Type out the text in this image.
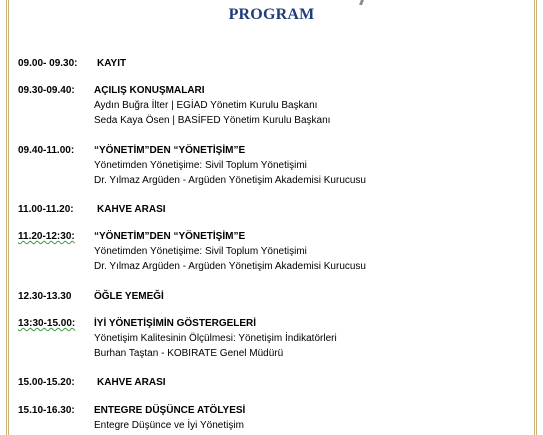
PROGRAM
09.00- 09.30: KAYIT
09.30-09.40: AÇILIŞ KONUŞMALARI
Aydın Buğra İlter | EGİAD Yönetim Kurulu Başkanı
Seda Kaya Ösen | BASİFED Yönetim Kurulu Başkanı
09.40-11.00: “YÖNETİM”DEN “YÖNETİŞİM”E
Yönetimden Yönetişime: Sivil Toplum Yönetişimi
Dr. Yılmaz Argüden - Argüden Yönetişim Akademisi Kurucusu
11.00-11.20: KAHVE ARASI
11.20-12:30: “YÖNETİM”DEN “YÖNETİŞİM”E
Yönetimden Yönetişime: Sivil Toplum Yönetişimi
Dr. Yılmaz Argüden - Argüden Yönetişim Akademisi Kurucusu
12.30-13.30 ÖĞLE YEMEĞİ
13:30-15.00: İYİ YÖNETİŞİMİN GÖSTERGELERİ
Yönetişim Kalitesinin Ölçülmesi: Yönetişim İndikatörleri
Burhan Taştan - KOBIRATE Genel Müdürü
15.00-15.20: KAHVE ARASI
15.10-16.30: ENTEGRE DÜŞÜNCE ATÖLYESİ
Entegre Düşünce ve İyi Yönetişim
